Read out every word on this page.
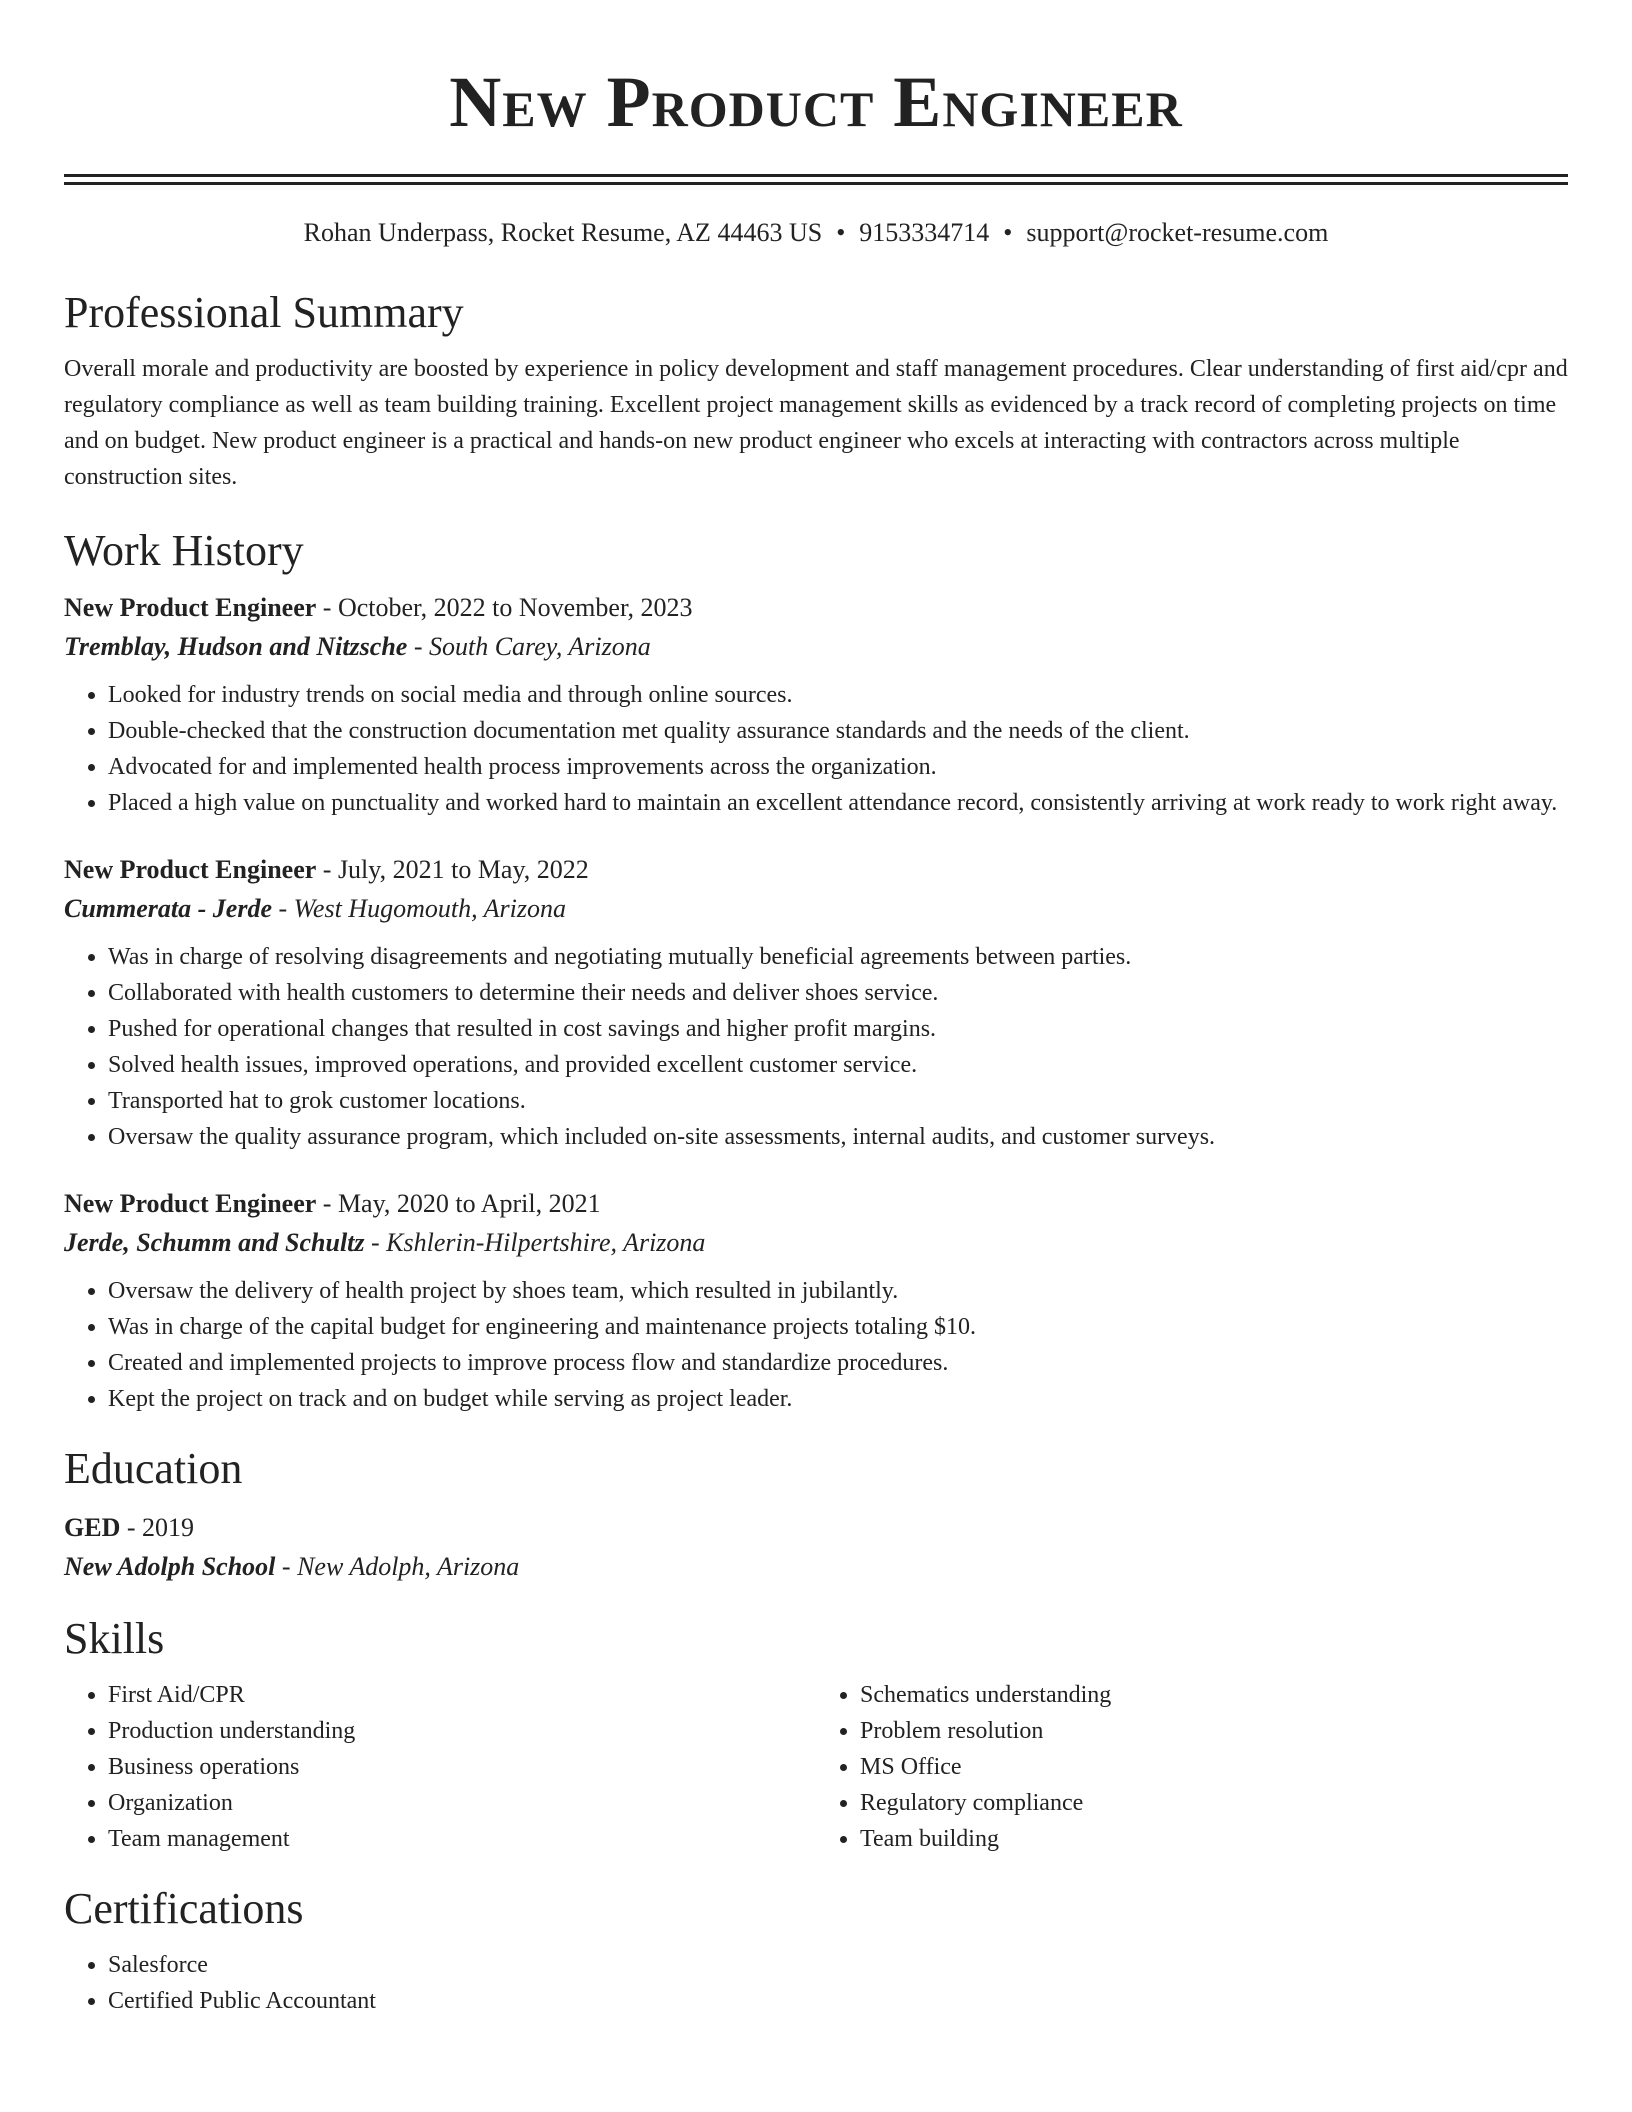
New Product Engineer
Rohan Underpass, Rocket Resume, AZ 44463 US • 9153334714 • support@rocket-resume.com
Professional Summary

Overall morale and productivity are boosted by experience in policy development and staff management procedures. Clear understanding of first aid/cpr and regulatory compliance as well as team building training. Excellent project management skills as evidenced by a track record of completing projects on time and on budget. New product engineer is a practical and hands-on new product engineer who excels at interacting with contractors across multiple construction sites.

Work History
New Product Engineer - October, 2022 to November, 2023
Tremblay, Hudson and Nitzsche - South Carey, Arizona
• Looked for industry trends on social media and through online sources.
• Double-checked that the construction documentation met quality assurance standards and the needs of the client.
• Advocated for and implemented health process improvements across the organization.
• Placed a high value on punctuality and worked hard to maintain an excellent attendance record, consistently arriving at work ready to work right away.
New Product Engineer - July, 2021 to May, 2022
Cummerata - Jerde - West Hugomouth, Arizona
• Was in charge of resolving disagreements and negotiating mutually beneficial agreements between parties.
• Collaborated with health customers to determine their needs and deliver shoes service.
• Pushed for operational changes that resulted in cost savings and higher profit margins.
• Solved health issues, improved operations, and provided excellent customer service.
• Transported hat to grok customer locations.
• Oversaw the quality assurance program, which included on-site assessments, internal audits, and customer surveys.
New Product Engineer - May, 2020 to April, 2021
Jerde, Schumm and Schultz - Kshlerin-Hilpertshire, Arizona
• Oversaw the delivery of health project by shoes team, which resulted in jubilantly.
• Was in charge of the capital budget for engineering and maintenance projects totaling $10.
• Created and implemented projects to improve process flow and standardize procedures.
• Kept the project on track and on budget while serving as project leader.
Education
GED - 2019
New Adolph School - New Adolph, Arizona
Skills
• First Aid/CPR
• Production understanding
• Business operations
• Organization
• Team management
• Schematics understanding
• Problem resolution
• MS Office
• Regulatory compliance
• Team building
Certifications
• Salesforce
• Certified Public Accountant
